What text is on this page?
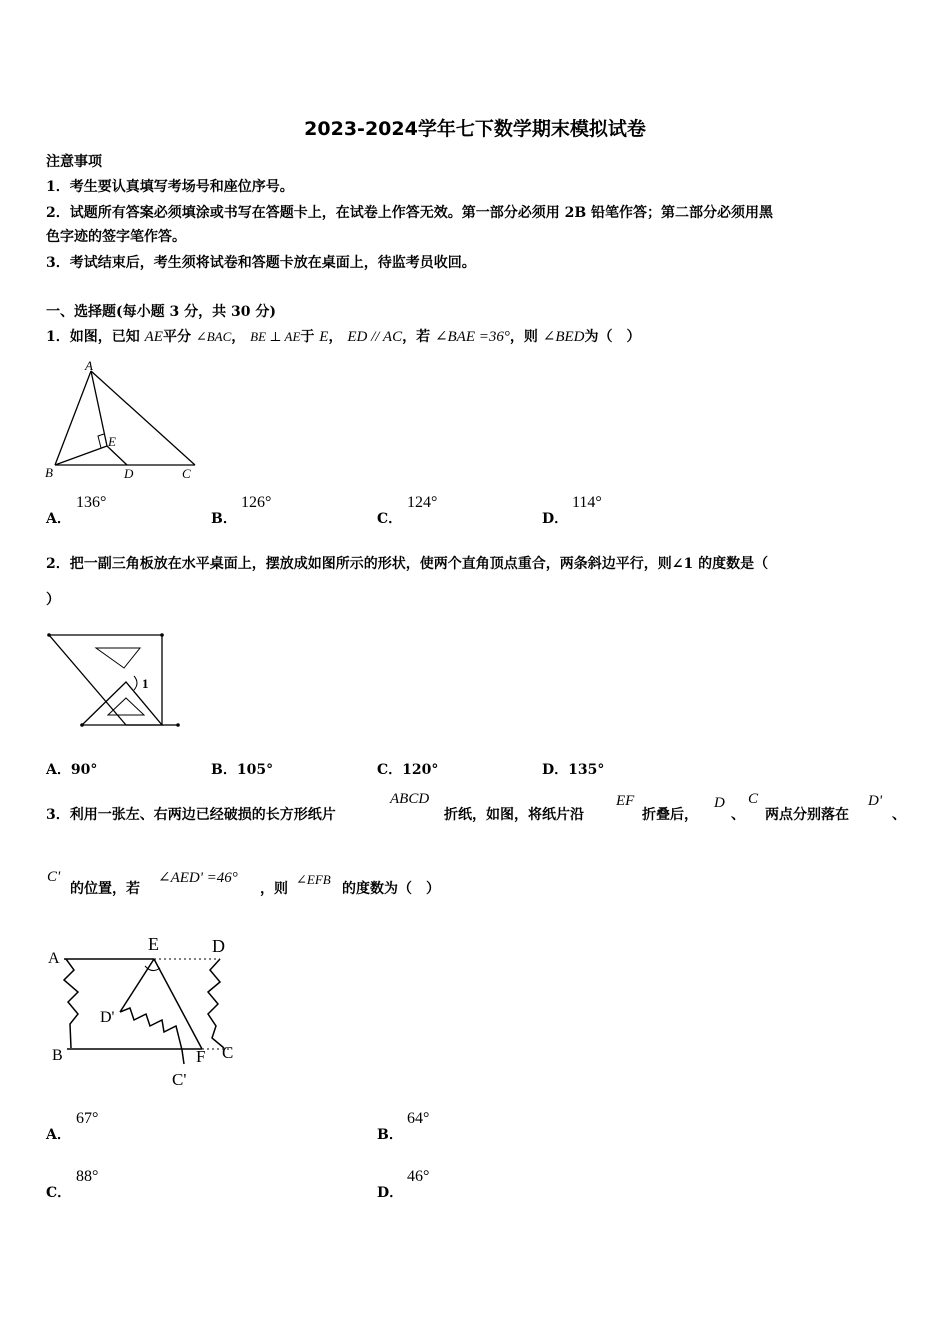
2023-2024学年七下数学期末模拟试卷
注意事项
1．考生要认真填写考场号和座位序号。
2．试题所有答案必须填涂或书写在答题卡上，在试卷上作答无效。第一部分必须用 2B 铅笔作答；第二部分必须用黑
色字迹的签字笔作答。
3．考试结束后，考生须将试卷和答题卡放在桌面上，待监考员收回。
一、选择题(每小题 3 分，共 30 分)
1．如图，已知 AE平分 ∠BAC， BE ⊥ AE于 E， ED // AC，若 ∠BAE =36°，则 ∠BED为（　）
A
B	D	C
E
A．
136°
B．
126°
C．
124°
D．
114°
2．把一副三角板放在水平桌面上，摆放成如图所示的形状，使两个直角顶点重合，两条斜边平行，则∠1 的度数是（
）
1
A．90°	B．105°	C．120°	D．135°
3．利用一张左、右两边已经破损的长方形纸片
ABCD
折纸，如图，将纸片沿
EF
折叠后，
D
、
C
两点分别落在
D'
、
C'
的位置，若
∠AED' =46°
，则
∠EFB
的度数为（　）
A
E	D
D'
B	F C
C'
A．
67°
B．
64°
C．
88°
D．
46°
